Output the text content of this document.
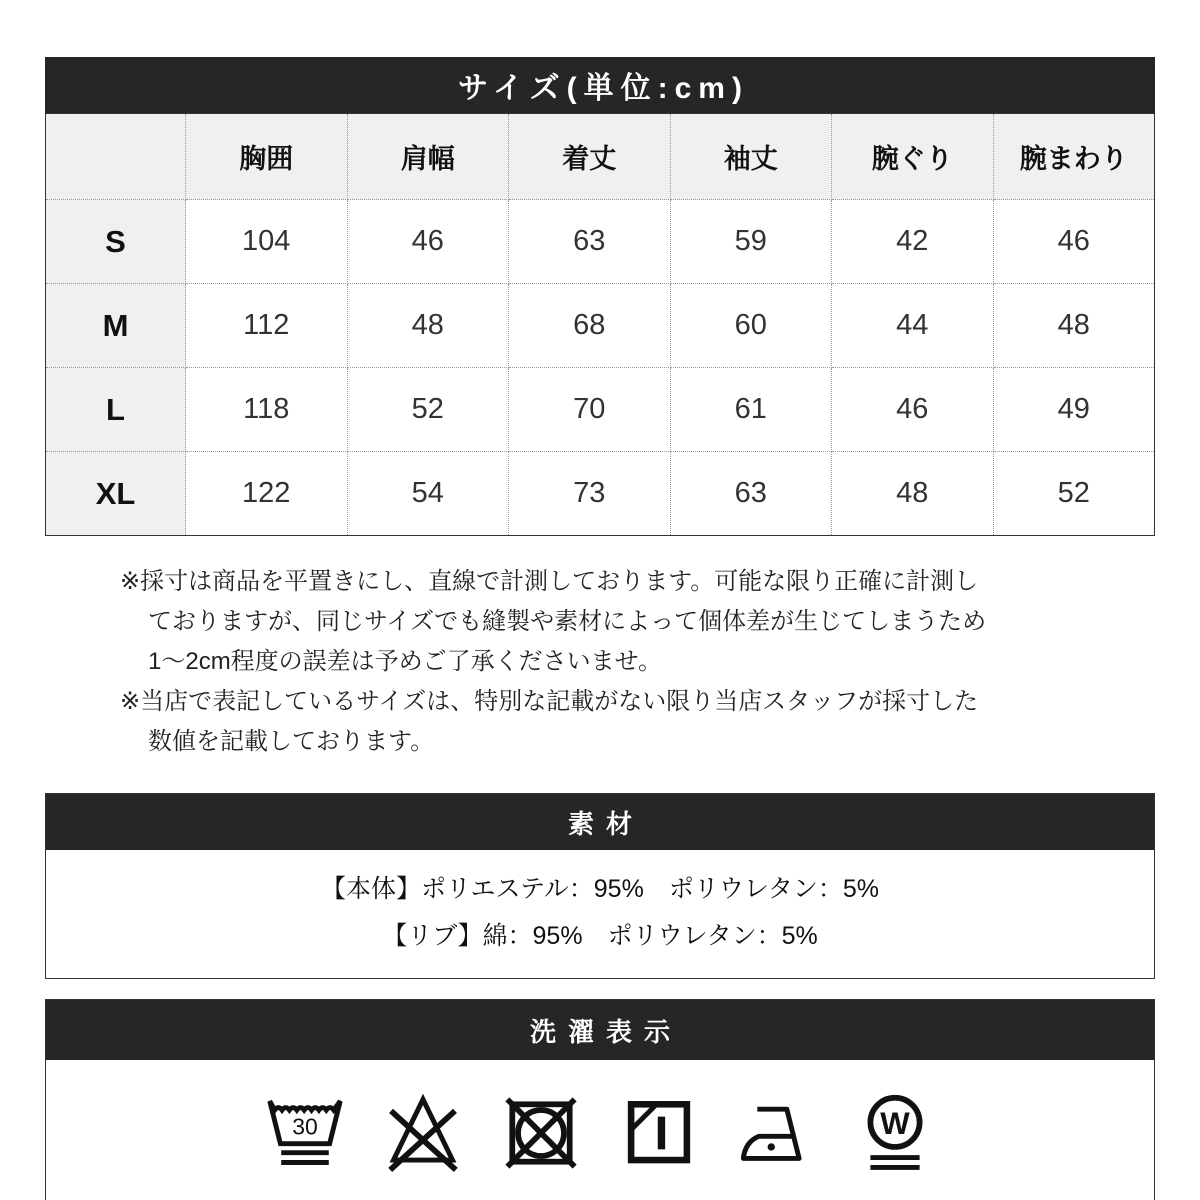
サイズ(単位:cm)
	胸囲	肩幅	着丈	袖丈	腕ぐり	腕まわり
S	104	46	63	59	42	46
M	112	48	68	60	44	48
L	118	52	70	61	46	49
XL	122	54	73	63	48	52
※採寸は商品を平置きにし、直線で計測しております。可能な限り正確に計測し
ておりますが、同じサイズでも縫製や素材によって個体差が生じてしまうため
1～2cm程度の誤差は予めご了承くださいませ。
※当店で表記しているサイズは、特別な記載がない限り当店スタッフが採寸した
数値を記載しております。
素材
【本体】ポリエステル：95%　ポリウレタン：5%
【リブ】綿：95%　ポリウレタン：5%
洗濯表示
30	W
